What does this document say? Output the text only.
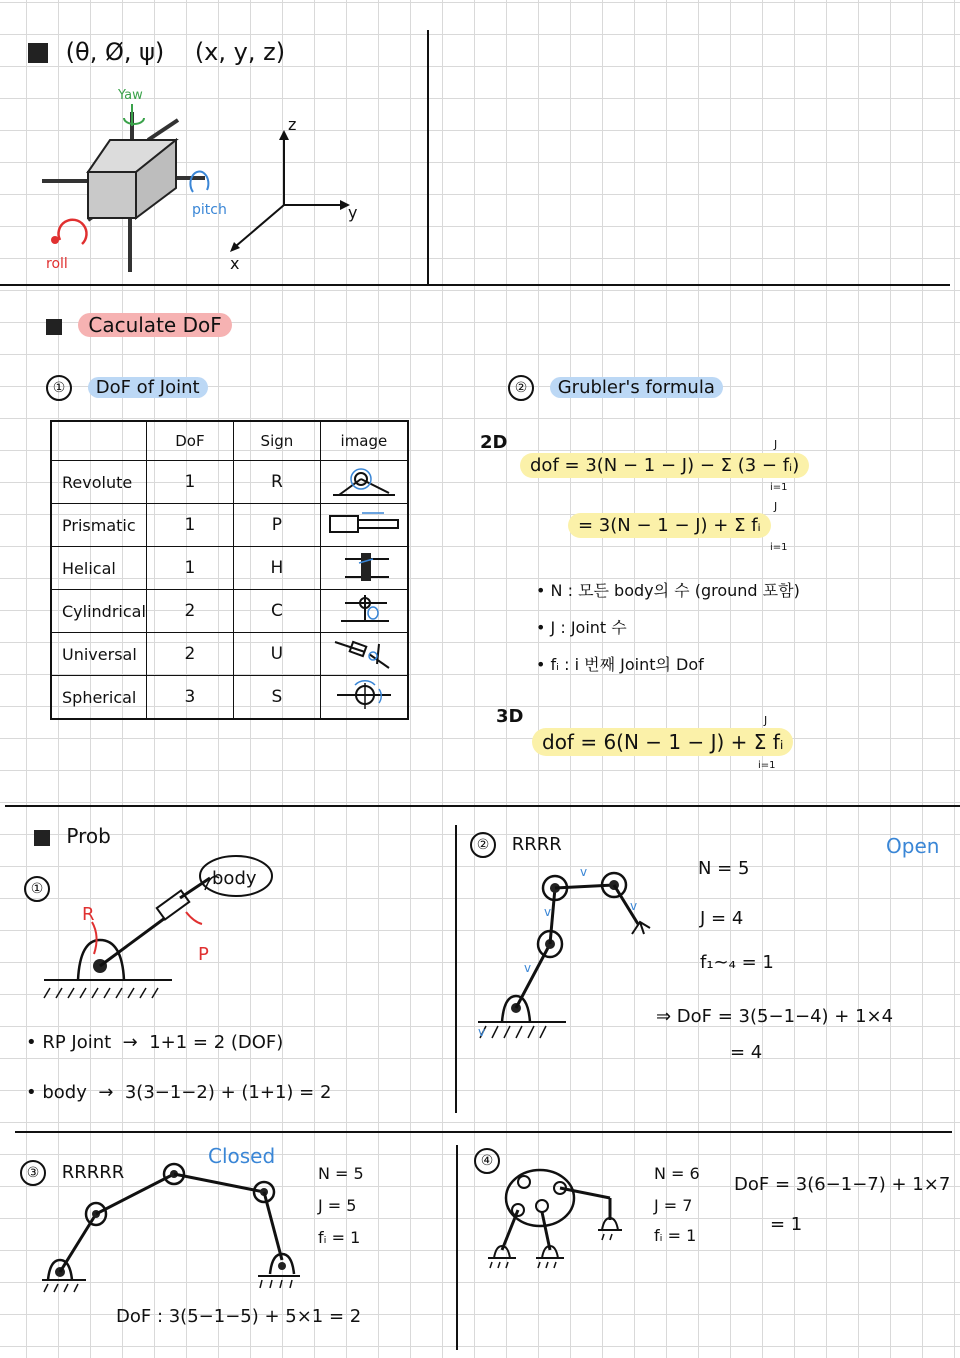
(θ, Ø, ψ) (x, y, z)
Yaw
pitch
roll
z
y
x
Caculate DoF
① DoF of Joint	② Grubler's formula
	DoF	Sign	image
Revolute	1	R	
Prismatic	1	P	
Helical	1	H	
Cylindrical	2	C	
Universal	2	U	
Spherical	3	S	
2D
dof = 3(N − 1 − J) − Σ (3 − fᵢ)
J
i=1
= 3(N − 1 − J) + Σ fᵢ
J
i=1
• N : 모든 body의 수 (ground 포함)
• J : Joint 수
• fᵢ : i 번째 Joint의 Dof
3D
dof = 6(N − 1 − J) + Σ fᵢ
J
i=1
Prob
①
R
P
body
• RP Joint  →  1+1 = 2 (DOF)
• body  →  3(3−1−2) + (1+1) = 2
② RRRR	Open
v
v
v
v
v
N = 5
J = 4
f₁~₄ = 1
⇒ DoF = 3(5−1−4) + 1×4
= 4
③ RRRRR
Closed
N = 5
J = 5
fᵢ = 1
DoF : 3(5−1−5) + 5×1 = 2
④
N = 6
J = 7
fᵢ = 1
DoF = 3(6−1−7) + 1×7
= 1
